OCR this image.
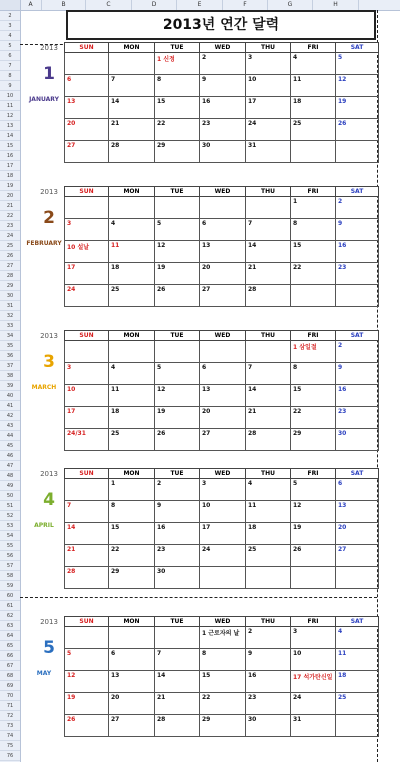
A	B	C	D	E	F	G	H
2
3
4
5
6
7
8
9
10
11
12
13
14
15
16
17
18
19
20
21
22
23
24
25
26
27
28
29
30
31
32
33
34
35
36
37
38
39
40
41
42
43
44
45
46
47
48
49
50
51
52
53
54
55
56
57
58
59
60
61
62
63
64
65
66
67
68
69
70
71
72
73
74
75
76
2013년 연간 달력
2013
1
JANUARY
SUN	MON	TUE	WED	THU	FRI	SAT
		1 신정	2	3	4	5
6	7	8	9	10	11	12
13	14	15	16	17	18	19
20	21	22	23	24	25	26
27	28	29	30	31		
2013
2
FEBRUARY
SUN	MON	TUE	WED	THU	FRI	SAT
					1	2
3	4	5	6	7	8	9
10 설날	11	12	13	14	15	16
17	18	19	20	21	22	23
24	25	26	27	28		
2013
3
MARCH
SUN	MON	TUE	WED	THU	FRI	SAT
					1 삼일절	2
3	4	5	6	7	8	9
10	11	12	13	14	15	16
17	18	19	20	21	22	23
24/31	25	26	27	28	29	30
2013
4
APRIL
SUN	MON	TUE	WED	THU	FRI	SAT
	1	2	3	4	5	6
7	8	9	10	11	12	13
14	15	16	17	18	19	20
21	22	23	24	25	26	27
28	29	30				
2013
5
MAY
SUN	MON	TUE	WED	THU	FRI	SAT
			1 근로자의 날	2	3	4
5	6	7	8	9	10	11
12	13	14	15	16	17 석가탄신일	18
19	20	21	22	23	24	25
26	27	28	29	30	31	
